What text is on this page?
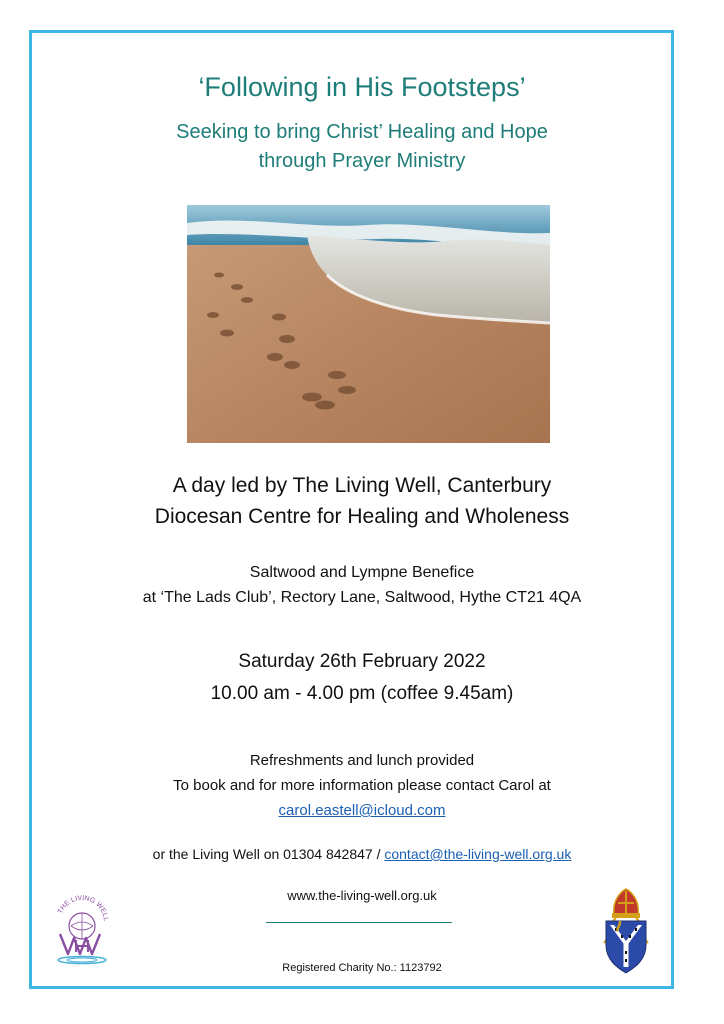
‘Following in His Footsteps’
Seeking to bring Christ’ Healing and Hope
through Prayer Ministry
A day led by The Living Well, Canterbury
Diocesan Centre for Healing and Wholeness
Saltwood and Lympne Benefice
at ‘The Lads Club’, Rectory Lane, Saltwood, Hythe CT21 4QA
Saturday 26th February 2022
10.00 am - 4.00 pm (coffee 9.45am)
Refreshments and lunch provided
To book and for more information please contact Carol at
carol.eastell@icloud.com
or the Living Well on 01304 842847 / contact@the-living-well.org.uk
www.the-living-well.org.uk
Registered Charity No.: 1123792
THE LIVING WELL
